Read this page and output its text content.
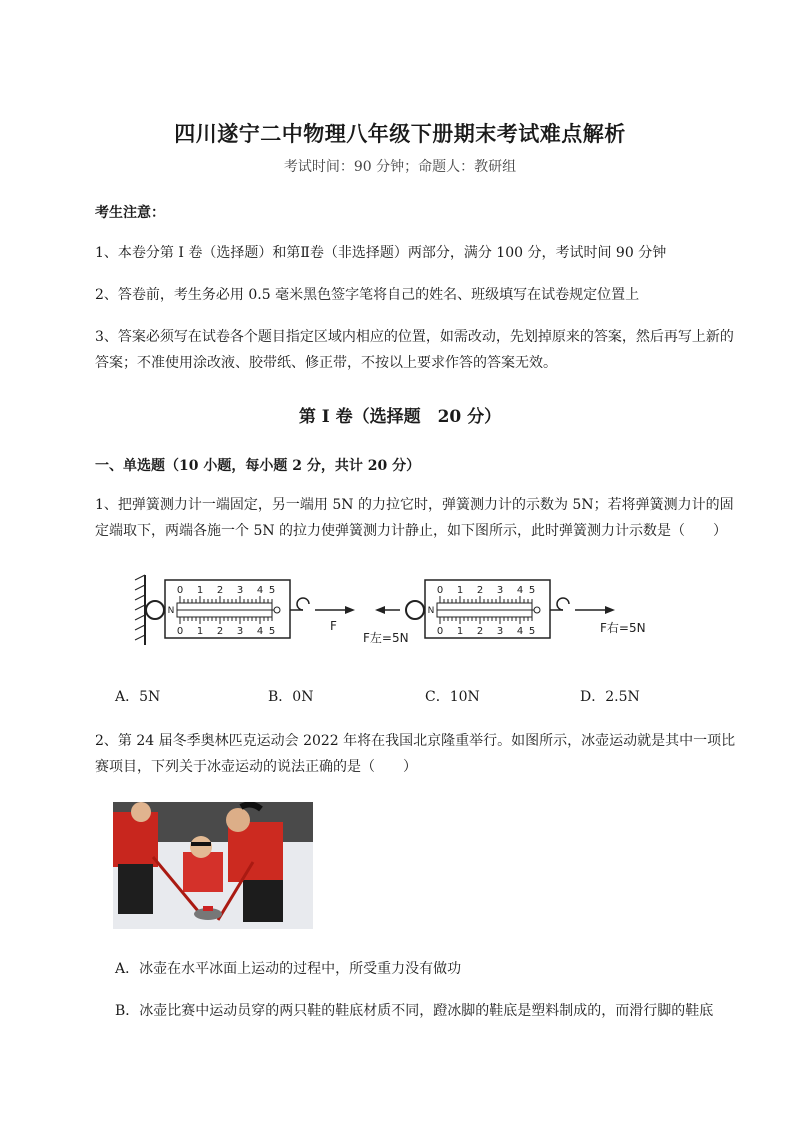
四川遂宁二中物理八年级下册期末考试难点解析
考试时间：90 分钟；命题人：教研组
考生注意：
1、本卷分第 I 卷（选择题）和第Ⅱ卷（非选择题）两部分，满分 100 分，考试时间 90 分钟
2、答卷前，考生务必用 0.5 毫米黑色签字笔将自己的姓名、班级填写在试卷规定位置上
3、答案必须写在试卷各个题目指定区域内相应的位置，如需改动，先划掉原来的答案，然后再写上新的答案；不准使用涂改液、胶带纸、修正带，不按以上要求作答的答案无效。
第 I 卷（选择题　20 分）
一、单选题（10 小题，每小题 2 分，共计 20 分）
1、把弹簧测力计一端固定，另一端用 5N 的力拉它时，弹簧测力计的示数为 5N；若将弹簧测力计的固定端取下，两端各施一个 5N 的拉力使弹簧测力计静止，如下图所示，此时弹簧测力计示数是（　　）
0 1 2 3 4 5
0 1 2 3 4 5
N
F
0 1 2 3 4 5
0 1 2 3 4 5
N
F左=5N
F右=5N
A．5N	B．0N	C．10N	D．2.5N
2、第 24 届冬季奥林匹克运动会 2022 年将在我国北京隆重举行。如图所示，冰壶运动就是其中一项比赛项目，下列关于冰壶运动的说法正确的是（　　）
A．冰壶在水平冰面上运动的过程中，所受重力没有做功
B．冰壶比赛中运动员穿的两只鞋的鞋底材质不同，蹬冰脚的鞋底是塑料制成的，而滑行脚的鞋底
